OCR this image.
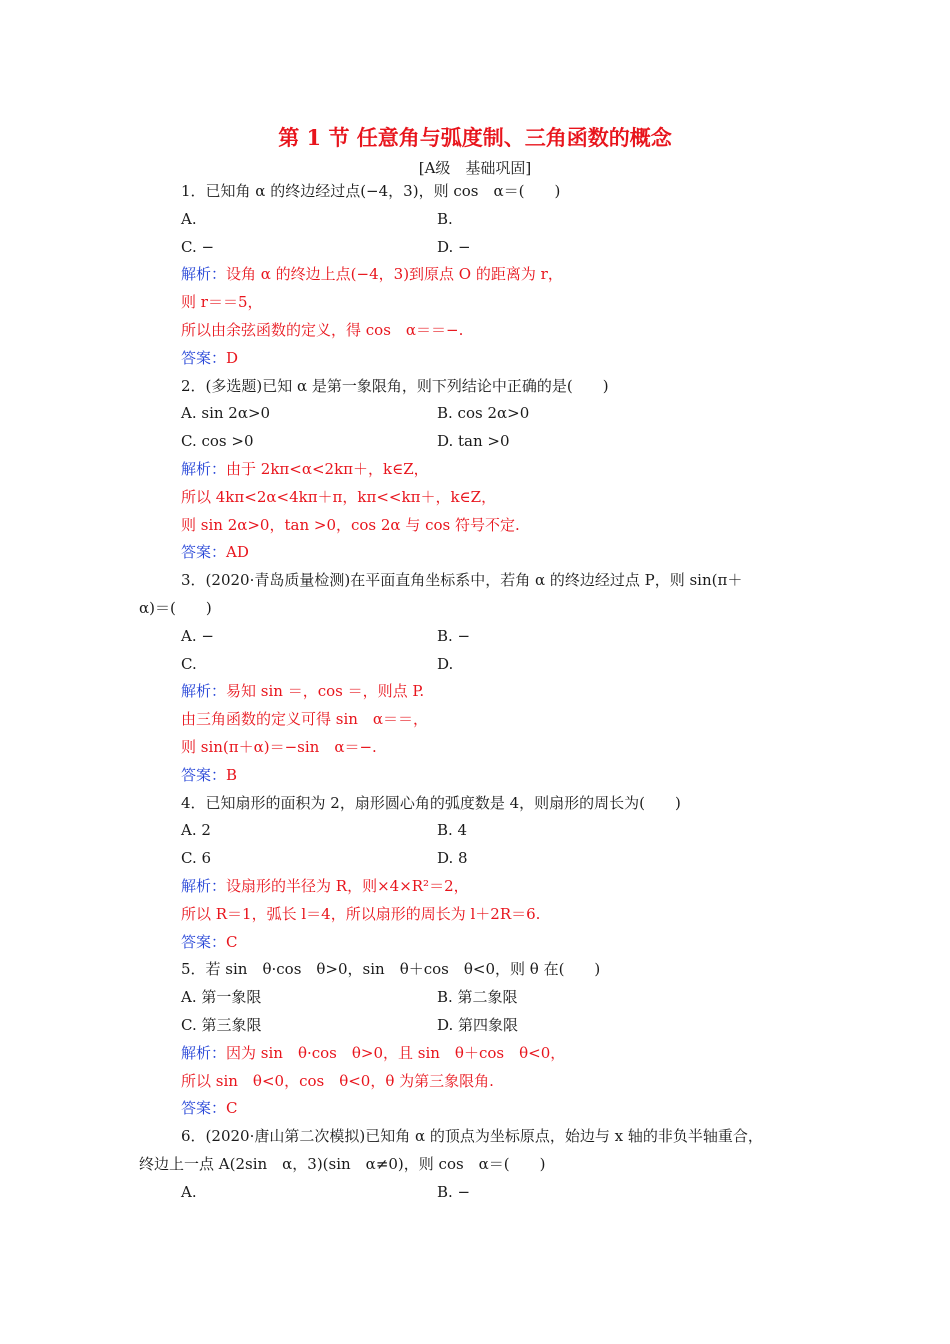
第 1 节 任意角与弧度制、三角函数的概念
[A级　基础巩固]
1．已知角 α 的终边经过点(−4，3)，则 cos　α＝(　　)
A.	B.
C. −	D. −
解析：设角 α 的终边上点(−4，3)到原点 O 的距离为 r，
则 r＝＝5，
所以由余弦函数的定义，得 cos　α＝＝−.
答案：D
2．(多选题)已知 α 是第一象限角，则下列结论中正确的是(　　)
A. sin 2α>0	B. cos 2α>0
C. cos >0	D. tan >0
解析：由于 2kπ<α<2kπ＋，k∈Z，
所以 4kπ<2α<4kπ＋π，kπ<<kπ＋，k∈Z，
则 sin 2α>0，tan >0，cos 2α 与 cos 符号不定.
答案：AD
3．(2020·青岛质量检测)在平面直角坐标系中，若角 α 的终边经过点 P，则 sin(π＋
α)＝(　　)
A. −	B. −
C.	D.
解析：易知 sin ＝，cos ＝，则点 P.
由三角函数的定义可得 sin　α＝＝，
则 sin(π＋α)＝−sin　α＝−.
答案：B
4．已知扇形的面积为 2，扇形圆心角的弧度数是 4，则扇形的周长为(　　)
A. 2	B. 4
C. 6	D. 8
解析：设扇形的半径为 R，则×4×R²＝2，
所以 R＝1，弧长 l＝4，所以扇形的周长为 l＋2R＝6.
答案：C
5．若 sin　θ·cos　θ>0，sin　θ＋cos　θ<0，则 θ 在(　　)
A. 第一象限	B. 第二象限
C. 第三象限	D. 第四象限
解析：因为 sin　θ·cos　θ>0，且 sin　θ＋cos　θ<0，
所以 sin　θ<0，cos　θ<0，θ 为第三象限角.
答案：C
6．(2020·唐山第二次模拟)已知角 α 的顶点为坐标原点，始边与 x 轴的非负半轴重合，
终边上一点 A(2sin　α，3)(sin　α≠0)，则 cos　α＝(　　)
A.	B. −
